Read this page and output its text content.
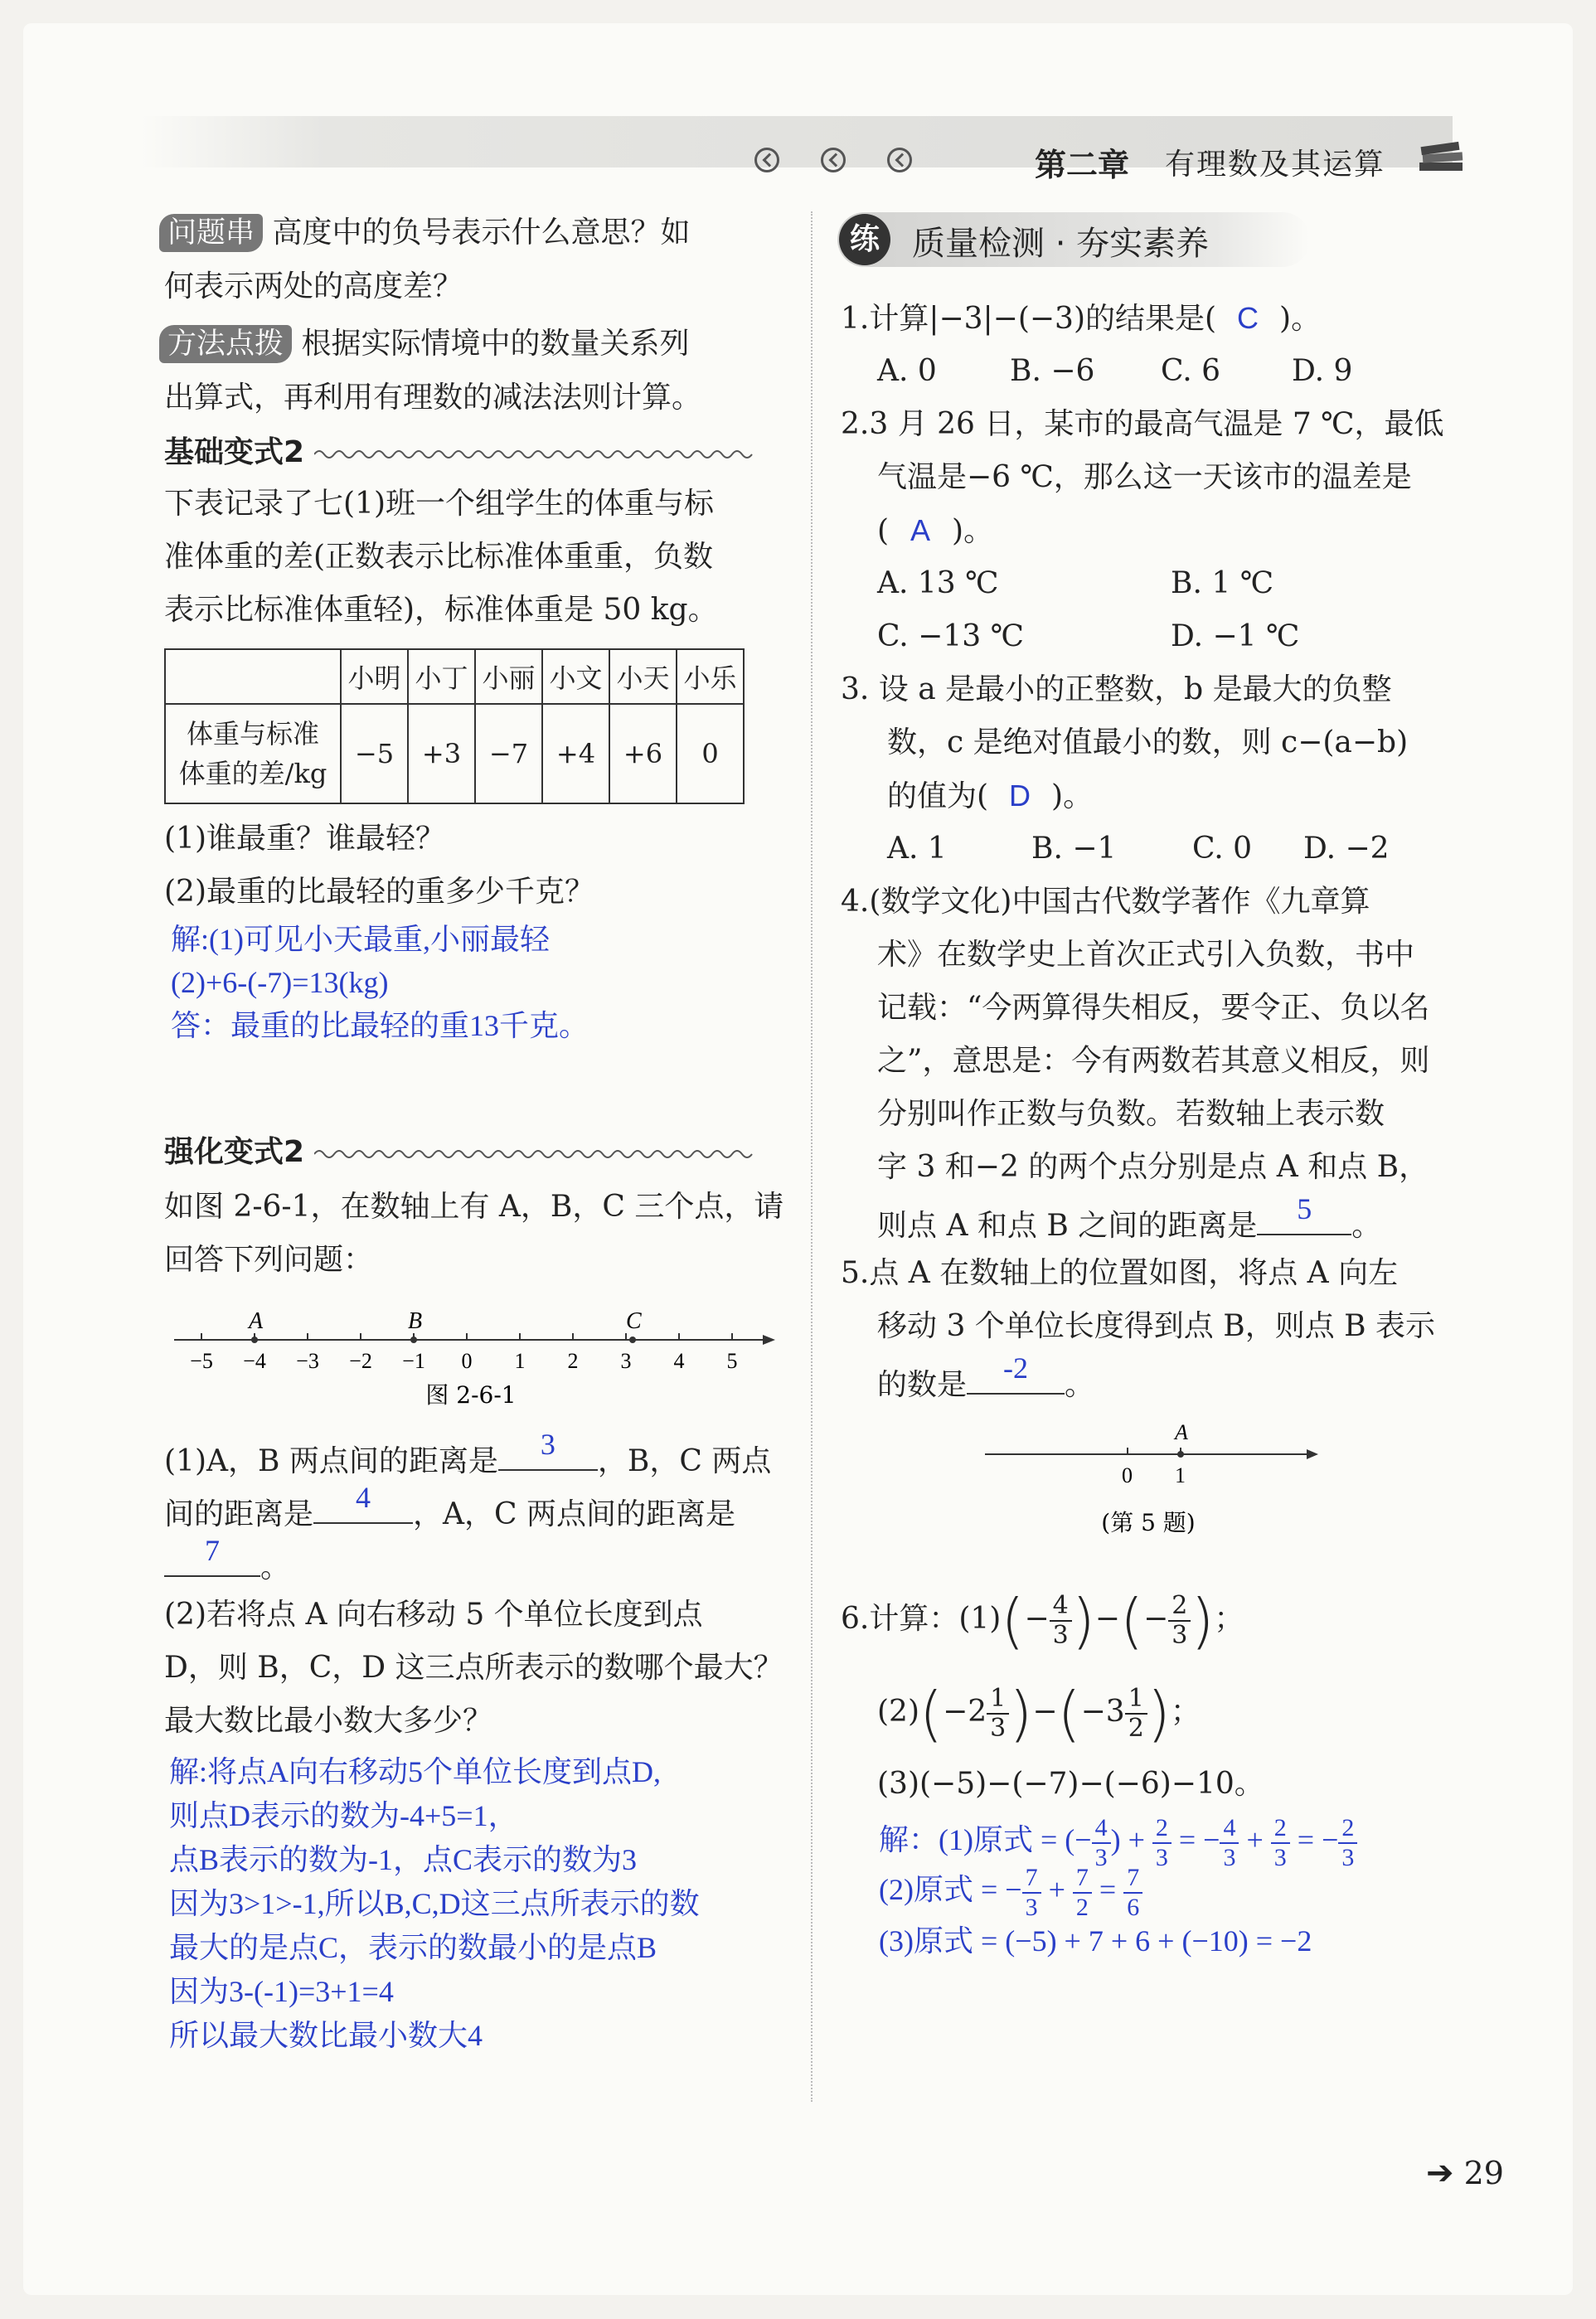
第二章 有理数及其运算
问题串 高度中的负号表示什么意思？如
何表示两处的高度差？
方法点拨 根据实际情境中的数量关系列
出算式，再利用有理数的减法法则计算。
基础变式2
下表记录了七(1)班一个组学生的体重与标
准体重的差(正数表示比标准体重重，负数
表示比标准体重轻)，标准体重是 50 kg。
	小明	小丁	小丽	小文	小天	小乐
体重与标准
体重的差/kg	−5	+3	−7	+4	+6	0
(1)谁最重？谁最轻？
(2)最重的比最轻的重多少千克？
解:(1)可见小天最重,小丽最轻
(2)+6-(-7)=13(kg)
答：最重的比最轻的重13千克。
强化变式2
如图 2-6-1，在数轴上有 A，B，C 三个点，请
回答下列问题：
−5 −4 −3 −2 −1 0 1 2 3 4 5
A	B	C
图 2-6-1
(1)A，B 两点间的距离是	3	，B，C 两点
间的距离是	4	，A，C 两点间的距离是
7	。
(2)若将点 A 向右移动 5 个单位长度到点
D，则 B，C，D 这三点所表示的数哪个最大？
最大数比最小数大多少？
解:将点A向右移动5个单位长度到点D,
则点D表示的数为-4+5=1，
点B表示的数为-1，点C表示的数为3
因为3>1>-1,所以B,C,D这三点所表示的数
最大的是点C，表示的数最小的是点B
因为3-(-1)=3+1=4
所以最大数比最小数大4
练 质量检测 · 夯实素养
1.计算|−3|−(−3)的结果是( C )。
A. 0 B. −6 C. 6 D. 9
2.3 月 26 日，某市的最高气温是 7 ℃，最低
气温是−6 ℃，那么这一天该市的温差是
( A )。
A. 13 ℃	B. 1 ℃
C. −13 ℃	D. −1 ℃
3. 设 a 是最小的正整数，b 是最大的负整
数，c 是绝对值最小的数，则 c−(a−b)
的值为( D )。
A. 1	B. −1	C. 0 D. −2
4.(数学文化)中国古代数学著作《九章算
术》在数学史上首次正式引入负数，书中
记载：“今两算得失相反，要令正、负以名
之”，意思是：今有两数若其意义相反，则
分别叫作正数与负数。若数轴上表示数
字 3 和−2 的两个点分别是点 A 和点 B，
则点 A 和点 B 之间的距离是	5	。
5.点 A 在数轴上的位置如图，将点 A 向左
移动 3 个单位长度得到点 B，则点 B 表示
的数是	-2	。
A
0 1
(第 5 题)
6.计算：$(1)(- \frac{4}{3}$ )−(− $\frac{2}{3}$ )；
$(2)(-2 \frac{1}{3} )-(-3 \frac{1}{2}$ )；
(3)(−5)−(−7)−(−6)−10。
解：(1)原式 = (− $\frac{4}{3}$ ) + $\frac{2}{3}$ = − $\frac{4}{3} + \frac{2}{3}$ = − $\frac{2}{3}$
(2)原式 = − $\frac{7}{3} + \frac{7}{2} = \frac{7}{6}$
(3)原式 = (−5) + 7 + 6 + (−10) = −2
➔ 29
